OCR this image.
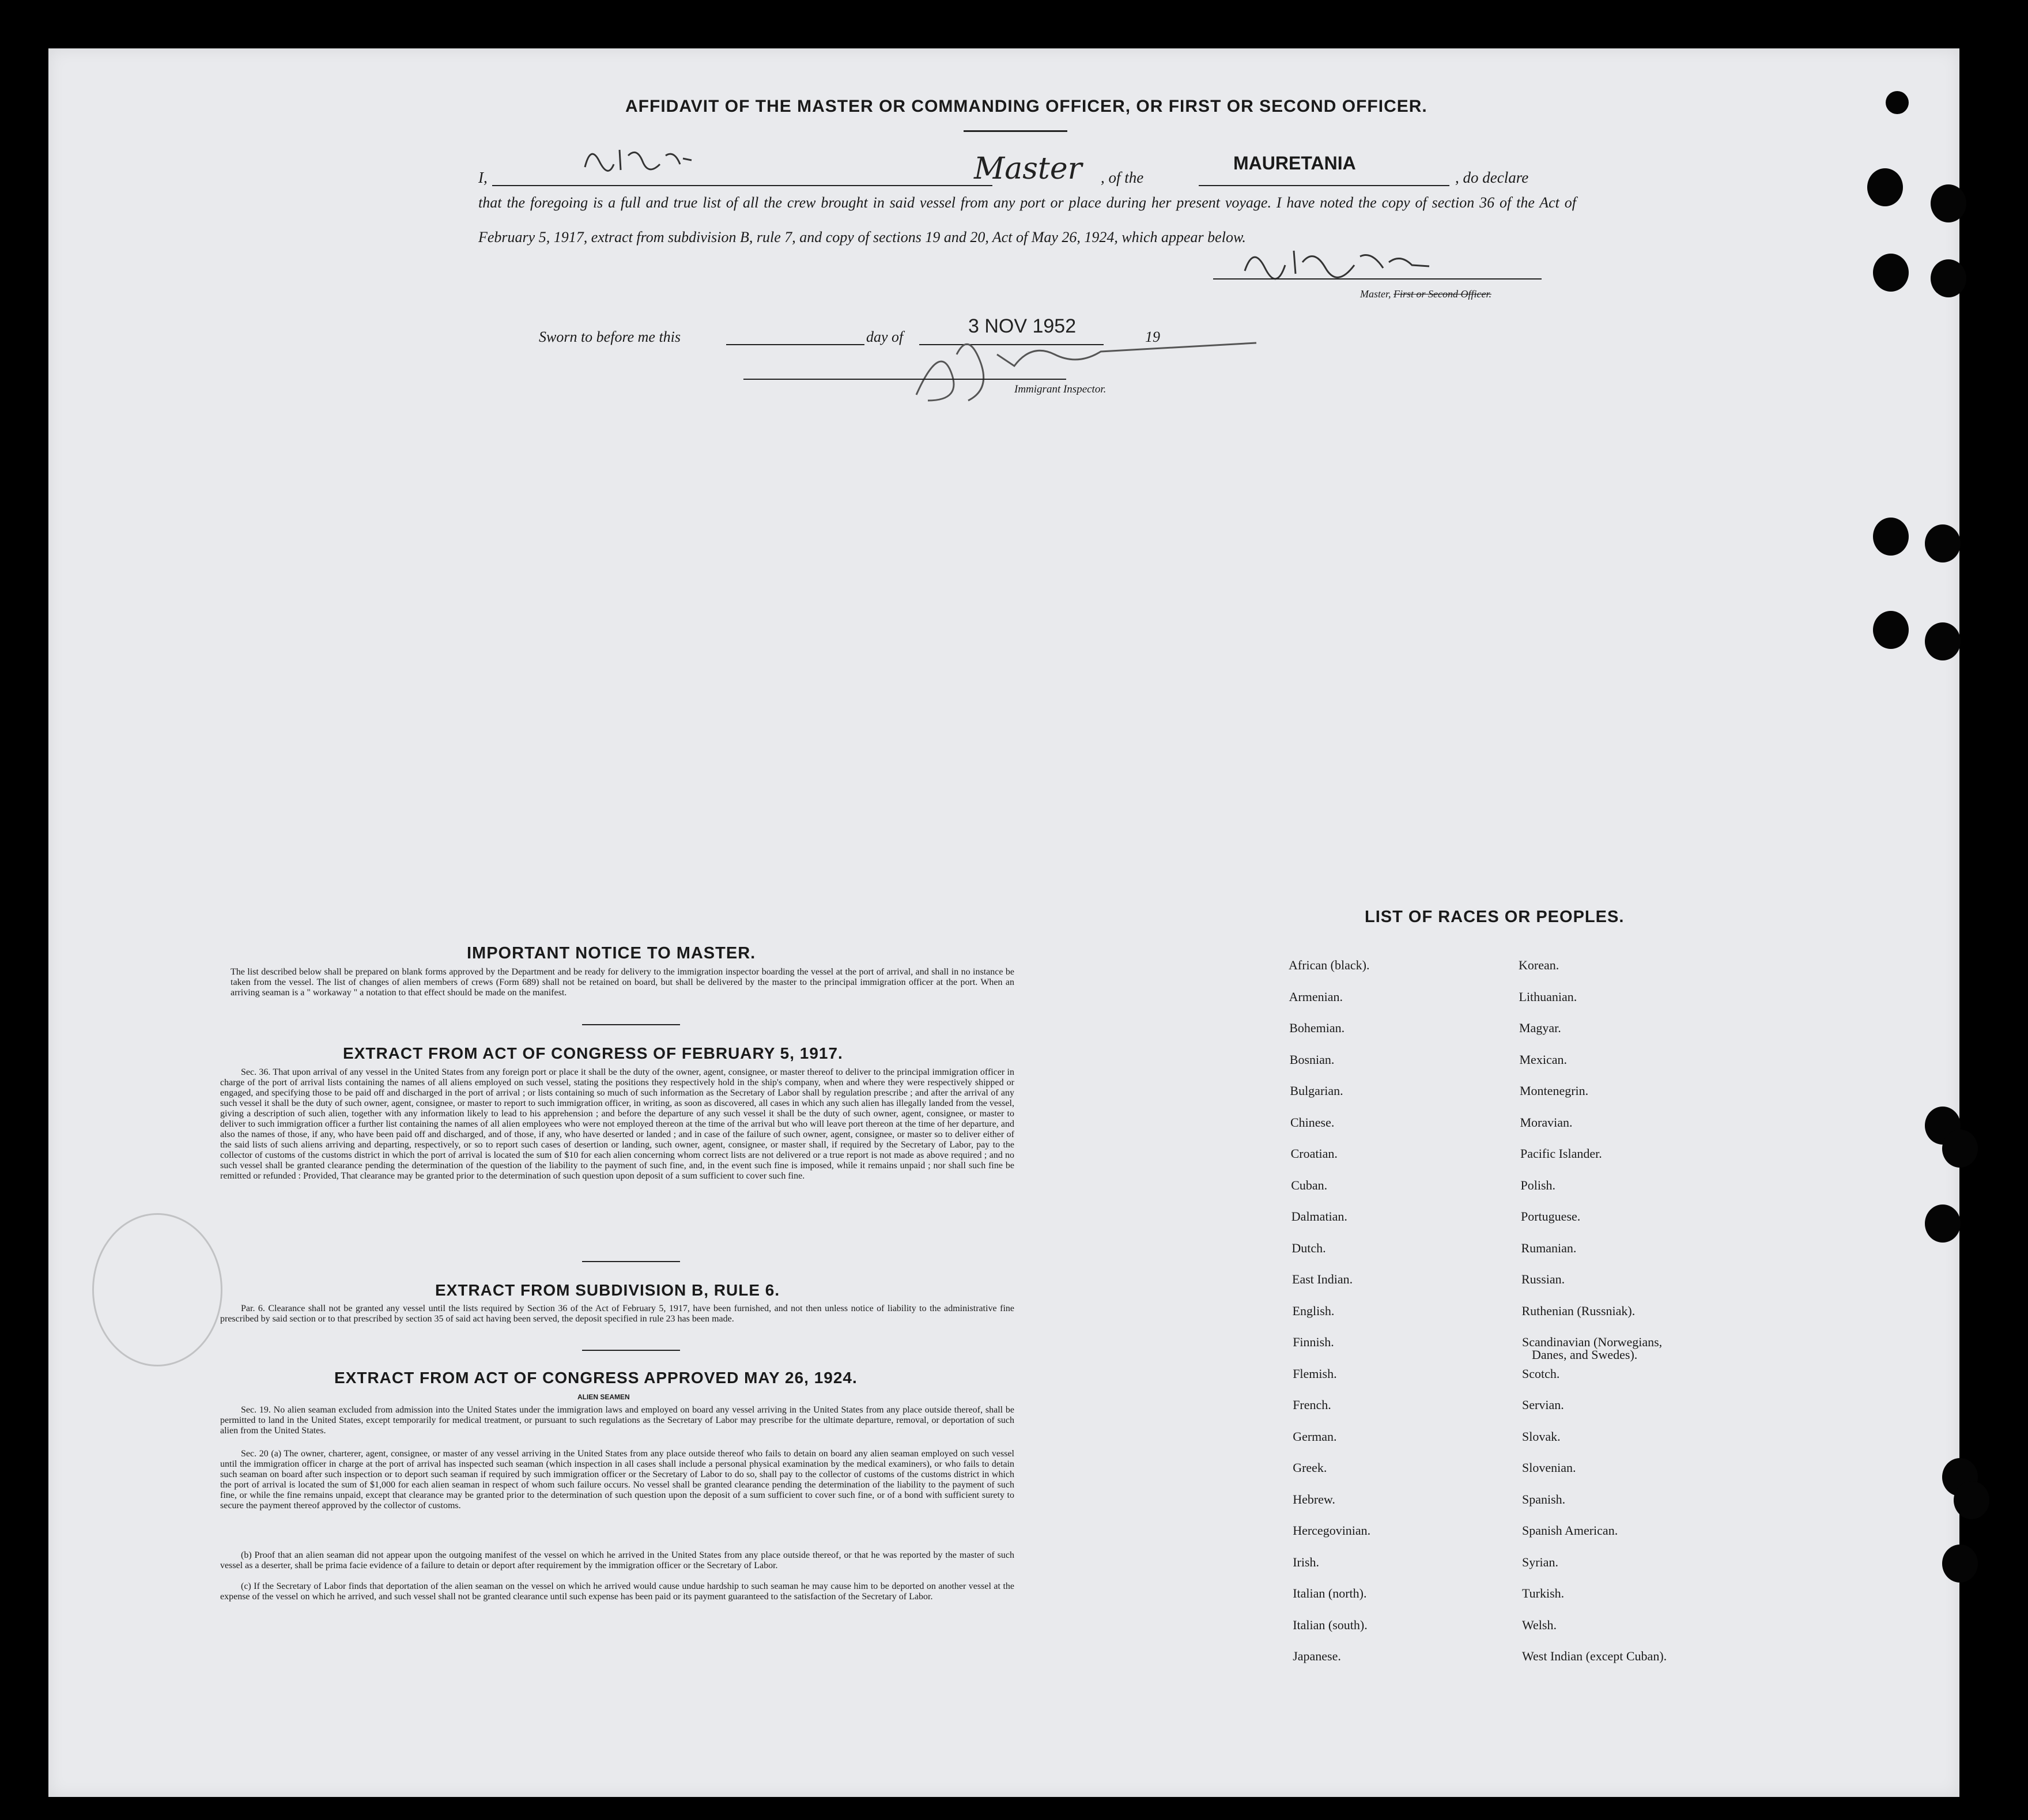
AFFIDAVIT OF THE MASTER OR COMMANDING OFFICER, OR FIRST OR SECOND OFFICER.
I,	Master , of the
MAURETANIA
, do declare
that the foregoing is a full and true list of all the crew brought in said vessel from any port or place during her present voyage. I have noted the copy of section 36 of the Act of February 5, 1917, extract from subdivision B, rule 7, and copy of sections 19 and 20, Act of May 26, 1924, which appear below.
Master, First or Second Officer.
Sworn to before me this	day of	3 NOV 1952	19
Immigrant Inspector.
IMPORTANT NOTICE TO MASTER.
The list described below shall be prepared on blank forms approved by the Department and be ready for delivery to the immigration inspector boarding the vessel at the port of arrival, and shall in no instance be taken from the vessel. The list of changes of alien members of crews (Form 689) shall not be retained on board, but shall be delivered by the master to the principal immigration officer at the port. When an arriving seaman is a " workaway " a notation to that effect should be made on the manifest.
EXTRACT FROM ACT OF CONGRESS OF FEBRUARY 5, 1917.
Sec. 36. That upon arrival of any vessel in the United States from any foreign port or place it shall be the duty of the owner, agent, consignee, or master thereof to deliver to the principal immigration officer in charge of the port of arrival lists containing the names of all aliens employed on such vessel, stating the positions they respectively hold in the ship's company, when and where they were respectively shipped or engaged, and specifying those to be paid off and discharged in the port of arrival ; or lists containing so much of such information as the Secretary of Labor shall by regulation prescribe ; and after the arrival of any such vessel it shall be the duty of such owner, agent, consignee, or master to report to such immigration officer, in writing, as soon as discovered, all cases in which any such alien has illegally landed from the vessel, giving a description of such alien, together with any information likely to lead to his apprehension ; and before the departure of any such vessel it shall be the duty of such owner, agent, consignee, or master to deliver to such immigration officer a further list containing the names of all alien employees who were not employed thereon at the time of the arrival but who will leave port thereon at the time of her departure, and also the names of those, if any, who have been paid off and discharged, and of those, if any, who have deserted or landed ; and in case of the failure of such owner, agent, consignee, or master so to deliver either of the said lists of such aliens arriving and departing, respectively, or so to report such cases of desertion or landing, such owner, agent, consignee, or master shall, if required by the Secretary of Labor, pay to the collector of customs of the customs district in which the port of arrival is located the sum of $10 for each alien concerning whom correct lists are not delivered or a true report is not made as above required ; and no such vessel shall be granted clearance pending the determination of the question of the liability to the payment of such fine, and, in the event such fine is imposed, while it remains unpaid ; nor shall such fine be remitted or refunded : Provided, That clearance may be granted prior to the determination of such question upon deposit of a sum sufficient to cover such fine.
EXTRACT FROM SUBDIVISION B, RULE 6.
Par. 6. Clearance shall not be granted any vessel until the lists required by Section 36 of the Act of February 5, 1917, have been furnished, and not then unless notice of liability to the administrative fine prescribed by said section or to that prescribed by section 35 of said act having been served, the deposit specified in rule 23 has been made.
EXTRACT FROM ACT OF CONGRESS APPROVED MAY 26, 1924.
ALIEN SEAMEN
Sec. 19. No alien seaman excluded from admission into the United States under the immigration laws and employed on board any vessel arriving in the United States from any place outside thereof, shall be permitted to land in the United States, except temporarily for medical treatment, or pursuant to such regulations as the Secretary of Labor may prescribe for the ultimate departure, removal, or deportation of such alien from the United States.
Sec. 20 (a) The owner, charterer, agent, consignee, or master of any vessel arriving in the United States from any place outside thereof who fails to detain on board any alien seaman employed on such vessel until the immigration officer in charge at the port of arrival has inspected such seaman (which inspection in all cases shall include a personal physical examination by the medical examiners), or who fails to detain such seaman on board after such inspection or to deport such seaman if required by such immigration officer or the Secretary of Labor to do so, shall pay to the collector of customs of the customs district in which the port of arrival is located the sum of $1,000 for each alien seaman in respect of whom such failure occurs. No vessel shall be granted clearance pending the determination of the liability to the payment of such fine, or while the fine remains unpaid, except that clearance may be granted prior to the determination of such question upon the deposit of a sum sufficient to cover such fine, or of a bond with sufficient surety to secure the payment thereof approved by the collector of customs.
(b) Proof that an alien seaman did not appear upon the outgoing manifest of the vessel on which he arrived in the United States from any place outside thereof, or that he was reported by the master of such vessel as a deserter, shall be prima facie evidence of a failure to detain or deport after requirement by the immigration officer or the Secretary of Labor.
(c) If the Secretary of Labor finds that deportation of the alien seaman on the vessel on which he arrived would cause undue hardship to such seaman he may cause him to be deported on another vessel at the expense of the vessel on which he arrived, and such vessel shall not be granted clearance until such expense has been paid or its payment guaranteed to the satisfaction of the Secretary of Labor.
LIST OF RACES OR PEOPLES.
African (black).
Armenian.
Bohemian.
Bosnian.
Bulgarian.
Chinese.
Croatian.
Cuban.
Dalmatian.
Dutch.
East Indian.
English.
Finnish.
Flemish.
French.
German.
Greek.
Hebrew.
Hercegovinian.
Irish.
Italian (north).
Italian (south).
Japanese.
Korean.
Lithuanian.
Magyar.
Mexican.
Montenegrin.
Moravian.
Pacific Islander.
Polish.
Portuguese.
Rumanian.
Russian.
Ruthenian (Russniak).
Scandinavian (Norwegians,
Scotch.
Servian.
Slovak.
Slovenian.
Spanish.
Spanish American.
Syrian.
Turkish.
Welsh.
West Indian (except Cuban).
Danes, and Swedes).
